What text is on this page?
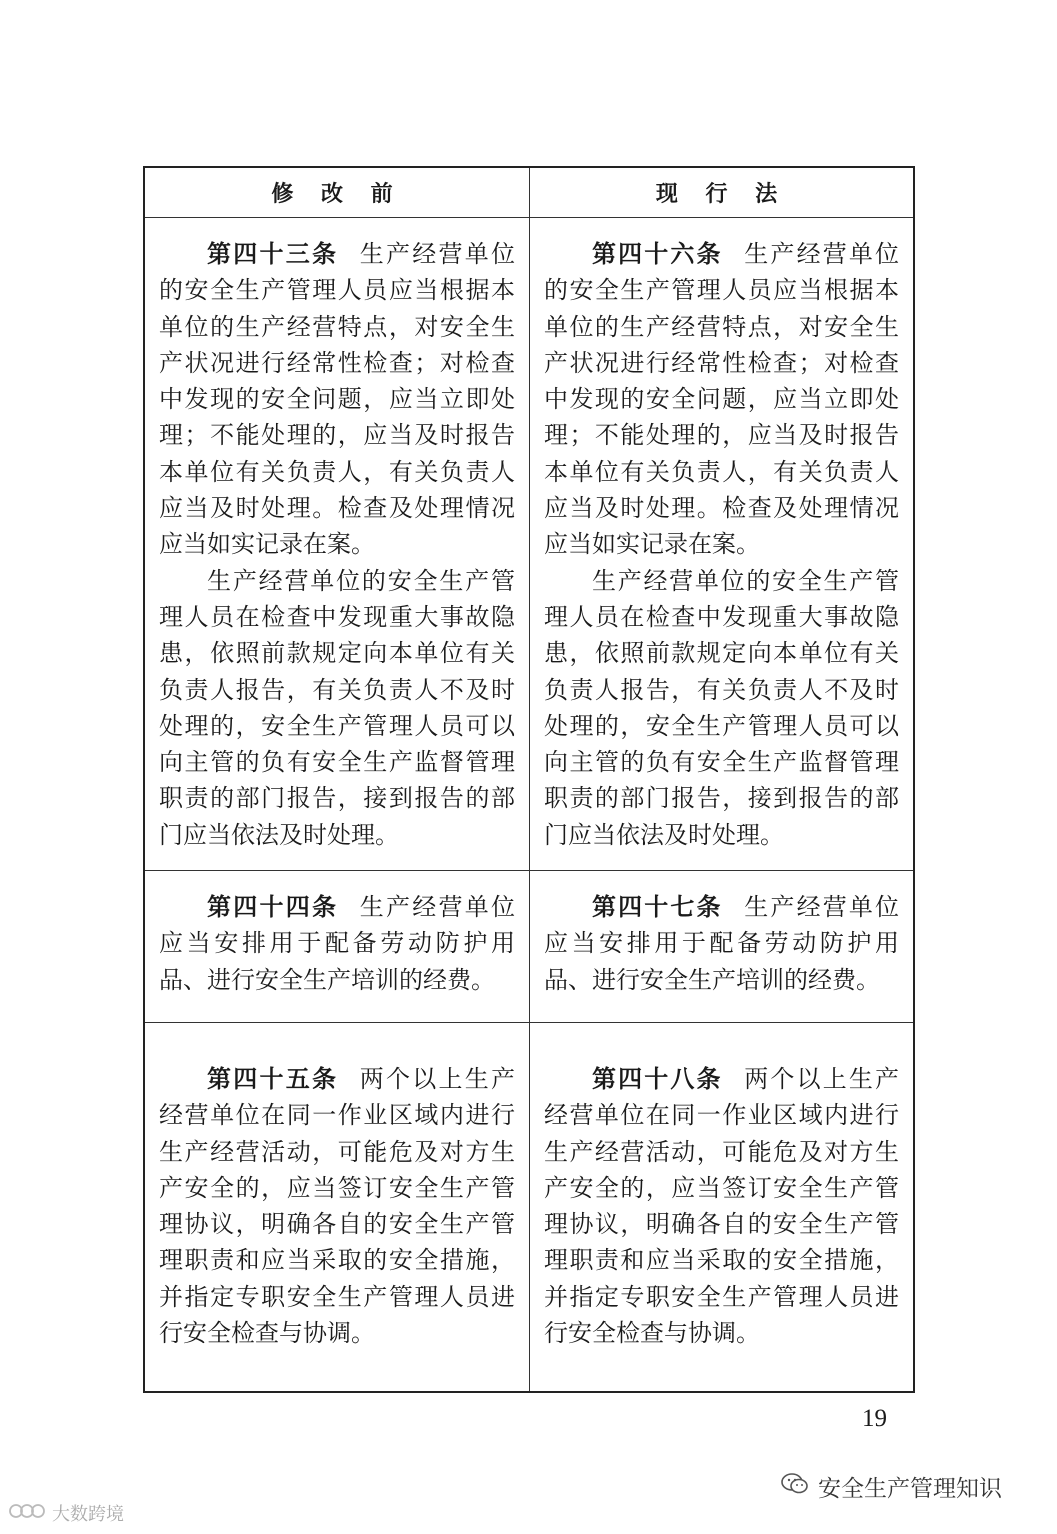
修 改 前	现 行 法

第四十三条 生产经营单位的安全生产管理人员应当根据本单位的生产经营特点，对安全生产状况进行经常性检查；对检查中发现的安全问题，应当立即处理；不能处理的，应当及时报告本单位有关负责人，有关负责人应当及时处理。检查及处理情况应当如实记录在案。

生产经营单位的安全生产管理人员在检查中发现重大事故隐患，依照前款规定向本单位有关负责人报告，有关负责人不及时处理的，安全生产管理人员可以向主管的负有安全生产监督管理职责的部门报告，接到报告的部门应当依法及时处理。

第四十六条 生产经营单位的安全生产管理人员应当根据本单位的生产经营特点，对安全生产状况进行经常性检查；对检查中发现的安全问题，应当立即处理；不能处理的，应当及时报告本单位有关负责人，有关负责人应当及时处理。检查及处理情况应当如实记录在案。

生产经营单位的安全生产管理人员在检查中发现重大事故隐患，依照前款规定向本单位有关负责人报告，有关负责人不及时处理的，安全生产管理人员可以向主管的负有安全生产监督管理职责的部门报告，接到报告的部门应当依法及时处理。

第四十四条 生产经营单位应当安排用于配备劳动防护用品、进行安全生产培训的经费。

第四十七条 生产经营单位应当安排用于配备劳动防护用品、进行安全生产培训的经费。

第四十五条 两个以上生产经营单位在同一作业区域内进行生产经营活动，可能危及对方生产安全的，应当签订安全生产管理协议，明确各自的安全生产管理职责和应当采取的安全措施，并指定专职安全生产管理人员进行安全检查与协调。

第四十八条 两个以上生产经营单位在同一作业区域内进行生产经营活动，可能危及对方生产安全的，应当签订安全生产管理协议，明确各自的安全生产管理职责和应当采取的安全措施，并指定专职安全生产管理人员进行安全检查与协调。

19
安全生产管理知识
大数跨境
